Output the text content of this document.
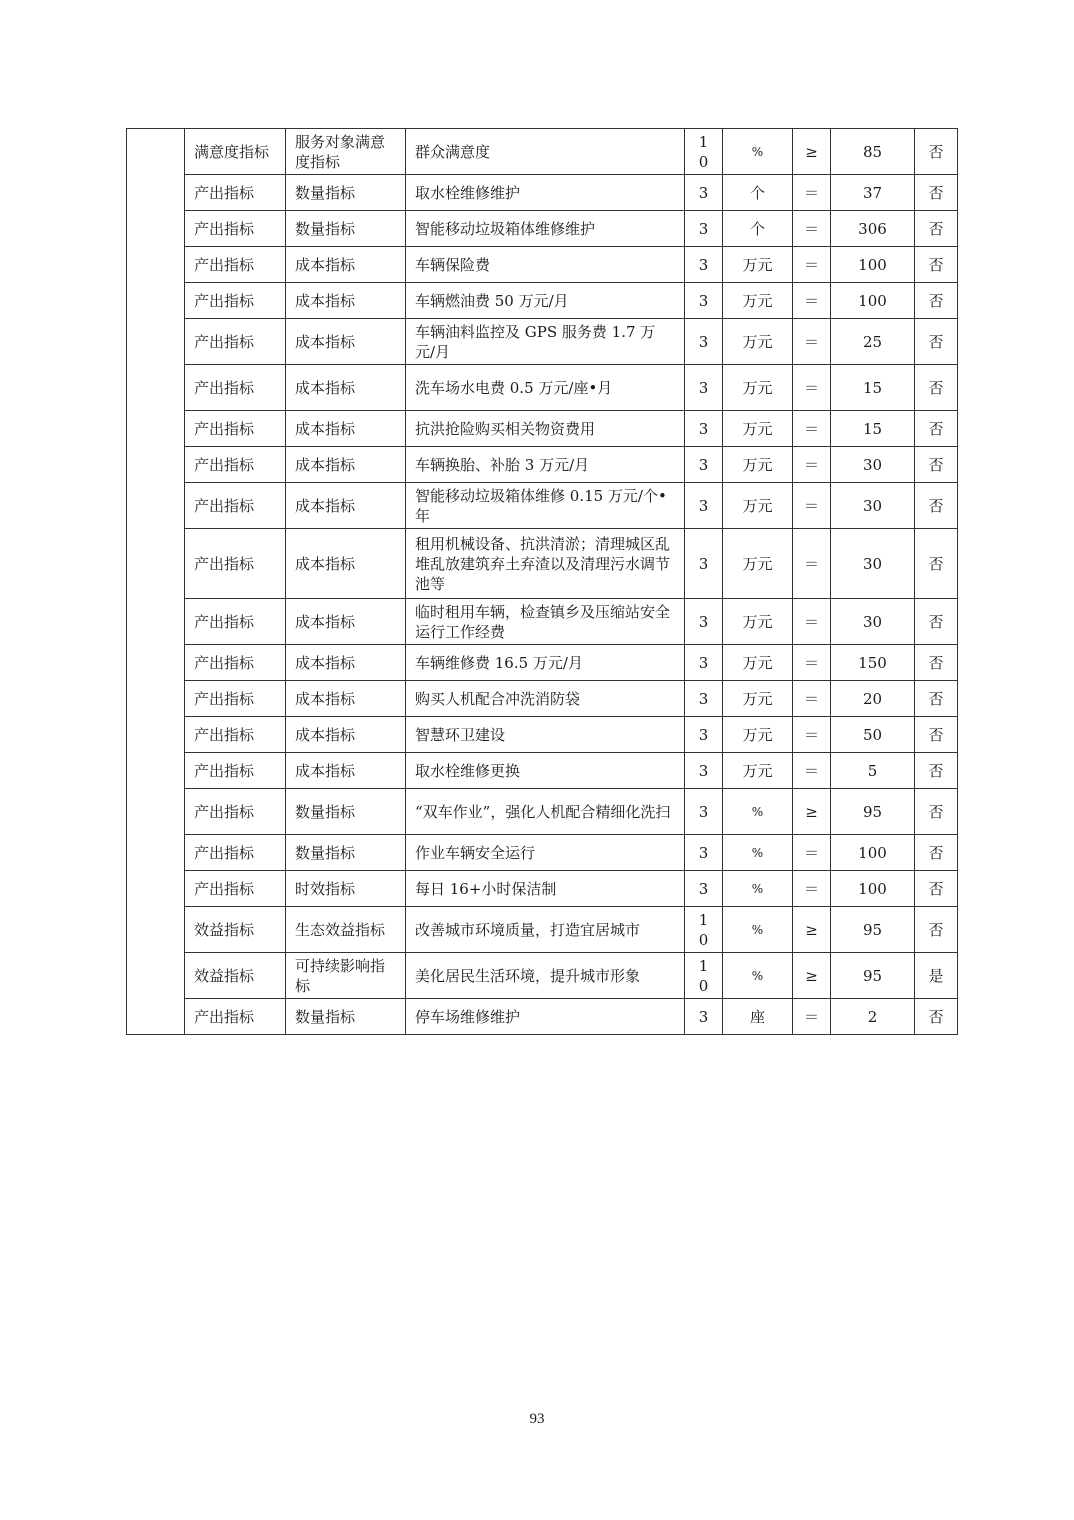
	满意度指标	服务对象满意度指标	群众满意度	10	%	≥	85	否
	产出指标	数量指标	取水栓维修维护	3	个	＝	37	否
	产出指标	数量指标	智能移动垃圾箱体维修维护	3	个	＝	306	否
	产出指标	成本指标	车辆保险费	3	万元	＝	100	否
	产出指标	成本指标	车辆燃油费 50 万元/月	3	万元	＝	100	否
	产出指标	成本指标	车辆油料监控及 GPS 服务费 1.7 万元/月	3	万元	＝	25	否
	产出指标	成本指标	洗车场水电费 0.5 万元/座•月	3	万元	＝	15	否
	产出指标	成本指标	抗洪抢险购买相关物资费用	3	万元	＝	15	否
	产出指标	成本指标	车辆换胎、补胎 3 万元/月	3	万元	＝	30	否
	产出指标	成本指标	智能移动垃圾箱体维修 0.15 万元/个•年	3	万元	＝	30	否
	产出指标	成本指标	租用机械设备、抗洪清淤；清理城区乱堆乱放建筑弃土弃渣以及清理污水调节池等	3	万元	＝	30	否
	产出指标	成本指标	临时租用车辆，检查镇乡及压缩站安全运行工作经费	3	万元	＝	30	否
	产出指标	成本指标	车辆维修费 16.5 万元/月	3	万元	＝	150	否
	产出指标	成本指标	购买人机配合冲洗消防袋	3	万元	＝	20	否
	产出指标	成本指标	智慧环卫建设	3	万元	＝	50	否
	产出指标	成本指标	取水栓维修更换	3	万元	＝	5	否
	产出指标	数量指标	“双车作业”，强化人机配合精细化洗扫	3	%	≥	95	否
	产出指标	数量指标	作业车辆安全运行	3	%	＝	100	否
	产出指标	时效指标	每日 16+小时保洁制	3	%	＝	100	否
	效益指标	生态效益指标	改善城市环境质量，打造宜居城市	10	%	≥	95	否
	效益指标	可持续影响指标	美化居民生活环境，提升城市形象	10	%	≥	95	是
	产出指标	数量指标	停车场维修维护	3	座	＝	2	否
93
